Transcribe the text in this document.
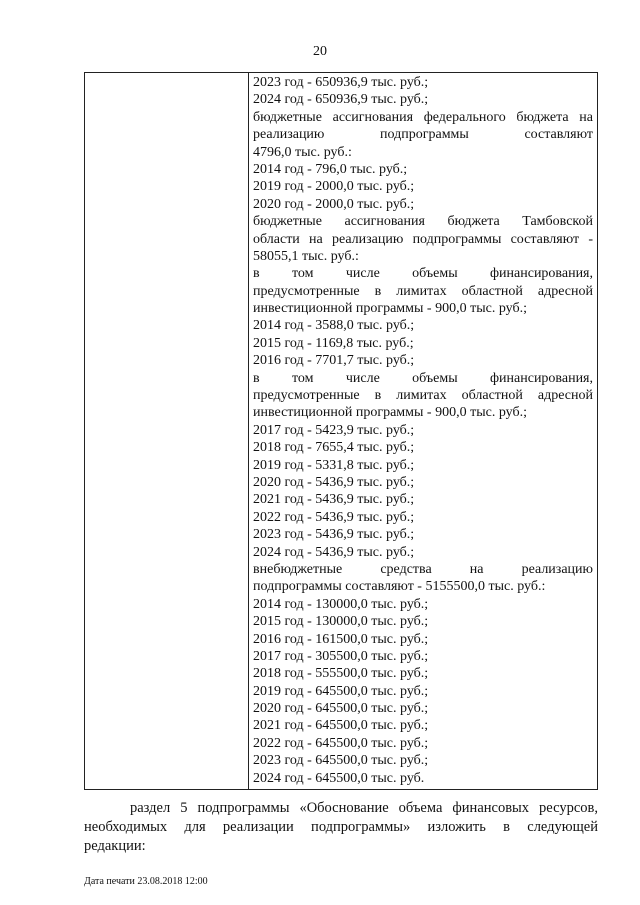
20
2023 год - 650936,9 тыс. руб.;
2024 год - 650936,9 тыс. руб.;
бюджетные ассигнования федерального бюджета на
реализацию подпрограммы составляют
4796,0 тыс. руб.:
2014 год - 796,0 тыс. руб.;
2019 год - 2000,0 тыс. руб.;
2020 год - 2000,0 тыс. руб.;
бюджетные ассигнования бюджета Тамбовской
области на реализацию подпрограммы составляют -
58055,1 тыс. руб.:
в том числе объемы финансирования,
предусмотренные в лимитах областной адресной
инвестиционной программы - 900,0 тыс. руб.;
2014 год - 3588,0 тыс. руб.;
2015 год - 1169,8 тыс. руб.;
2016 год - 7701,7 тыс. руб.;
в том числе объемы финансирования,
предусмотренные в лимитах областной адресной
инвестиционной программы - 900,0 тыс. руб.;
2017 год - 5423,9 тыс. руб.;
2018 год - 7655,4 тыс. руб.;
2019 год - 5331,8 тыс. руб.;
2020 год - 5436,9 тыс. руб.;
2021 год - 5436,9 тыс. руб.;
2022 год - 5436,9 тыс. руб.;
2023 год - 5436,9 тыс. руб.;
2024 год - 5436,9 тыс. руб.;
внебюджетные средства на реализацию
подпрограммы составляют - 5155500,0 тыс. руб.:
2014 год - 130000,0 тыс. руб.;
2015 год - 130000,0 тыс. руб.;
2016 год - 161500,0 тыс. руб.;
2017 год - 305500,0 тыс. руб.;
2018 год - 555500,0 тыс. руб.;
2019 год - 645500,0 тыс. руб.;
2020 год - 645500,0 тыс. руб.;
2021 год - 645500,0 тыс. руб.;
2022 год - 645500,0 тыс. руб.;
2023 год - 645500,0 тыс. руб.;
2024 год - 645500,0 тыс. руб.
раздел 5 подпрограммы «Обоснование объема финансовых ресурсов,
необходимых для реализации подпрограммы» изложить в следующей
редакции:
Дата печати 23.08.2018 12:00
